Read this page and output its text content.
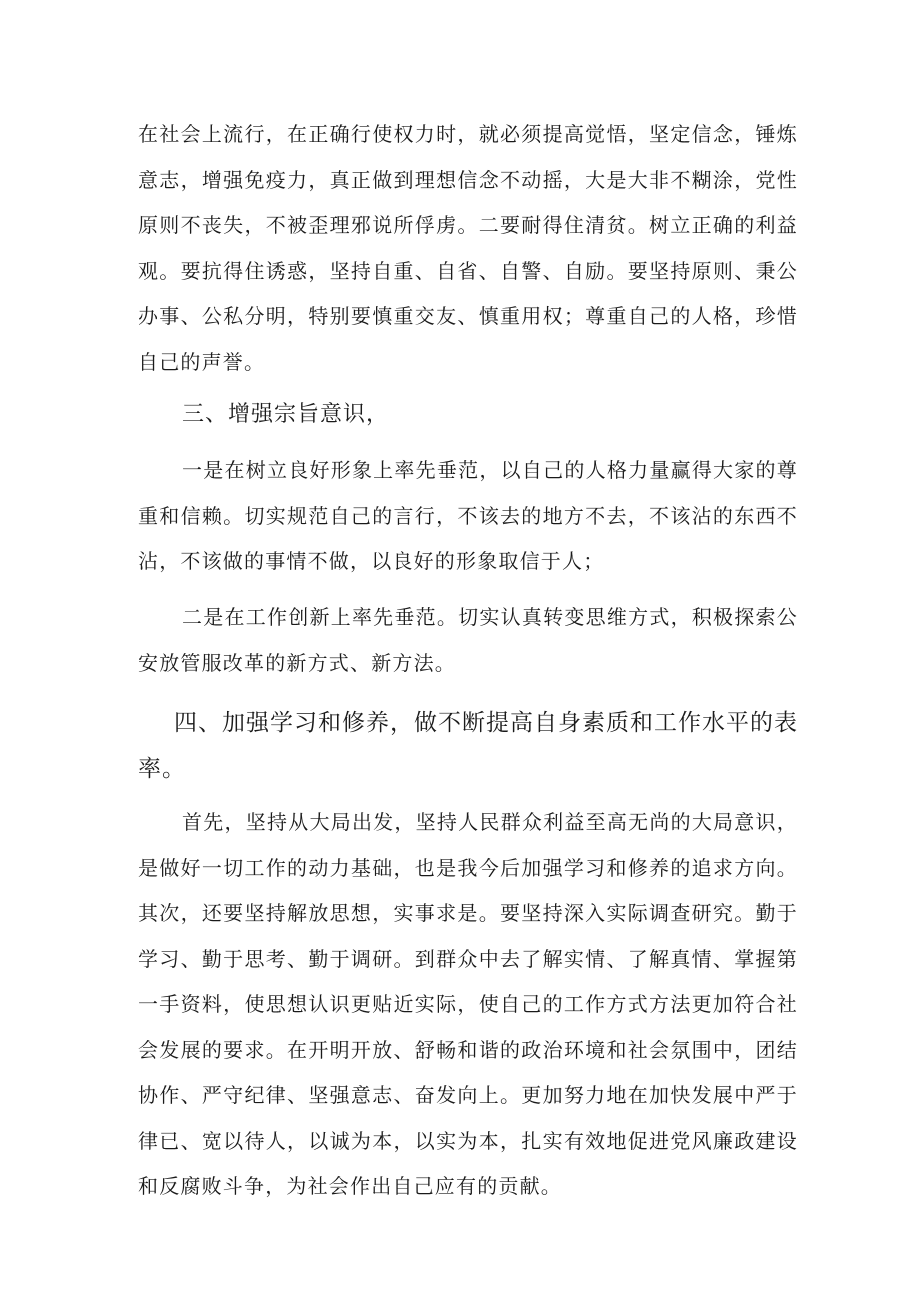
在社会上流行，在正确行使权力时，就必须提高觉悟，坚定信念，锤炼意志，增强免疫力，真正做到理想信念不动摇，大是大非不糊涂，党性原则不丧失，不被歪理邪说所俘虏。二要耐得住清贫。树立正确的利益观。要抗得住诱惑，坚持自重、自省、自警、自励。要坚持原则、秉公办事、公私分明，特别要慎重交友、慎重用权；尊重自己的人格，珍惜自己的声誉。

三、增强宗旨意识，

一是在树立良好形象上率先垂范，以自己的人格力量赢得大家的尊重和信赖。切实规范自己的言行，不该去的地方不去，不该沾的东西不沾，不该做的事情不做，以良好的形象取信于人；

二是在工作创新上率先垂范。切实认真转变思维方式，积极探索公安放管服改革的新方式、新方法。

四、加强学习和修养，做不断提高自身素质和工作水平的表率。

首先，坚持从大局出发，坚持人民群众利益至高无尚的大局意识，是做好一切工作的动力基础，也是我今后加强学习和修养的追求方向。其次，还要坚持解放思想，实事求是。要坚持深入实际调查研究。勤于学习、勤于思考、勤于调研。到群众中去了解实情、了解真情、掌握第一手资料，使思想认识更贴近实际，使自己的工作方式方法更加符合社会发展的要求。在开明开放、舒畅和谐的政治环境和社会氛围中，团结协作、严守纪律、坚强意志、奋发向上。更加努力地在加快发展中严于律已、宽以待人，以诚为本，以实为本，扎实有效地促进党风廉政建设和反腐败斗争，为社会作出自己应有的贡献。
